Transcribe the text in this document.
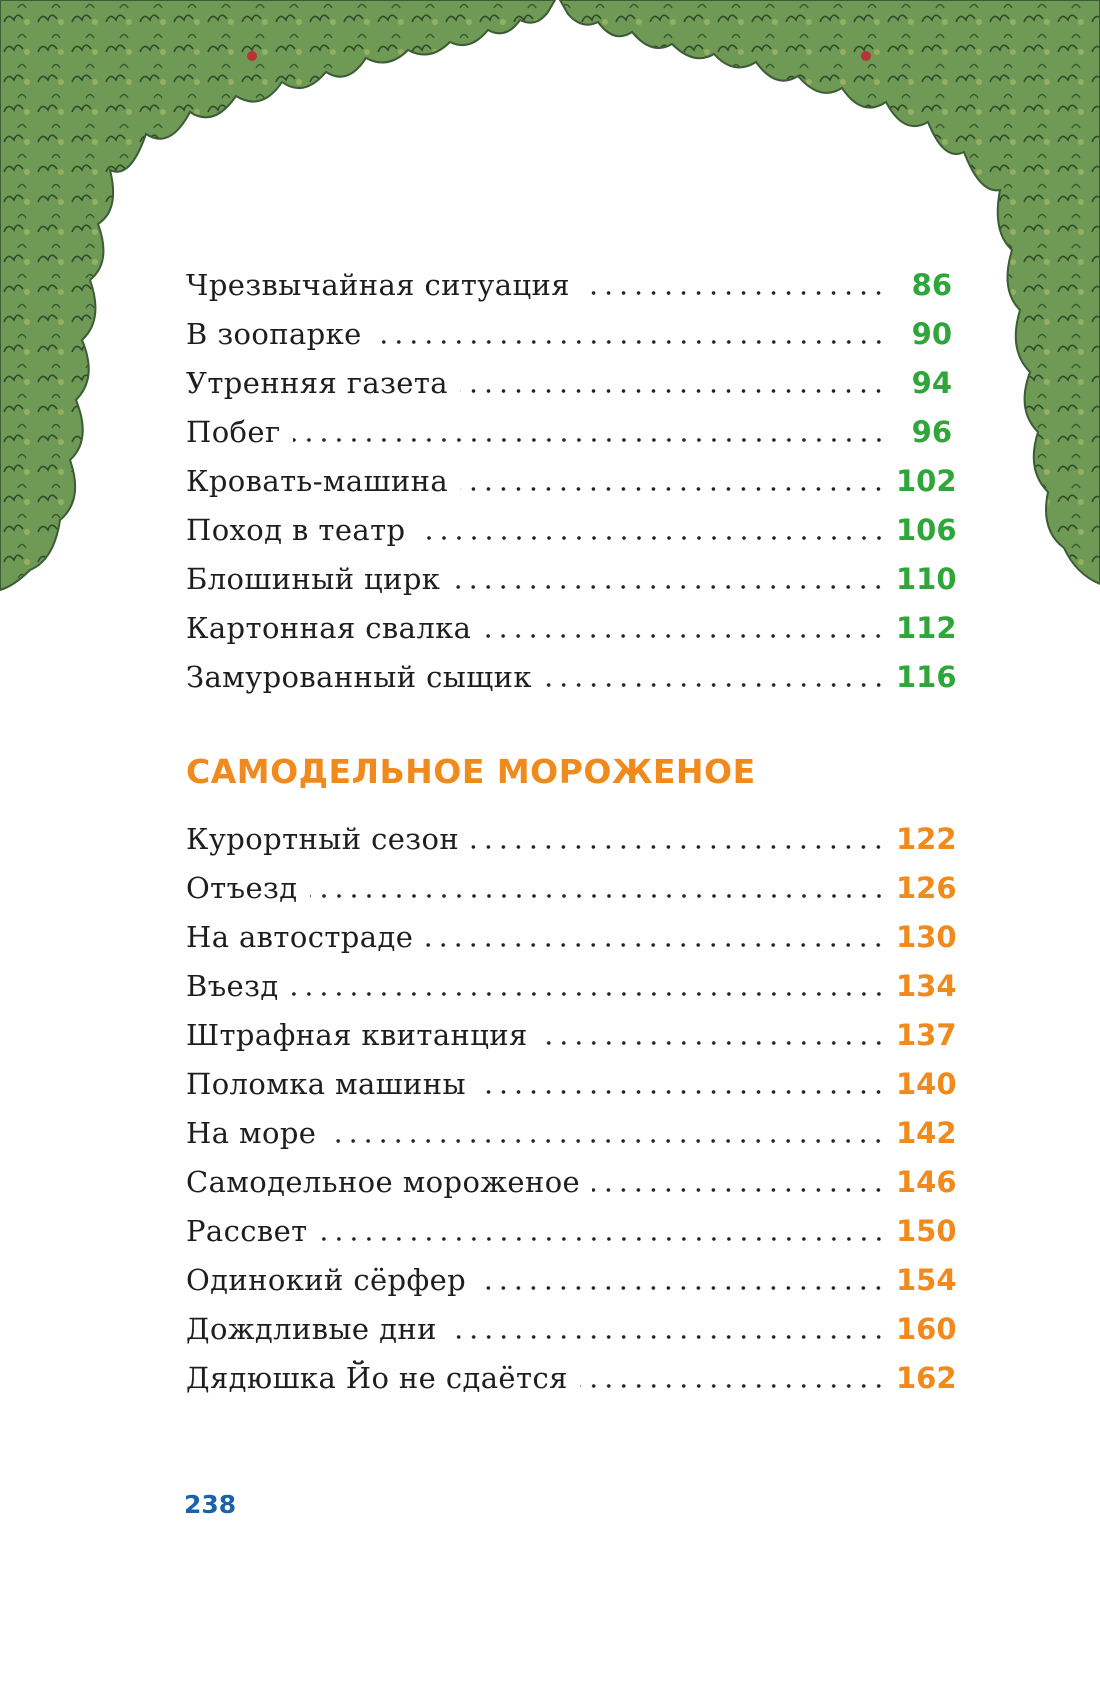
Чрезвычайная ситуация	86
В зоопарке	90
Утренняя газета	94
Побег	96
Кровать-машина	102
Поход в театр	106
Блошиный цирк	110
Картонная свалка	112
Замурованный сыщик	116
САМОДЕЛЬНОЕ МОРОЖЕНОЕ
Курортный сезон	122
Отъезд	126
На автостраде	130
Въезд	134
Штрафная квитанция	137
Поломка машины	140
На море	142
Самодельное мороженое	146
Рассвет	150
Одинокий сёрфер	154
Дождливые дни	160
Дядюшка Йо не сдаётся	162
238
